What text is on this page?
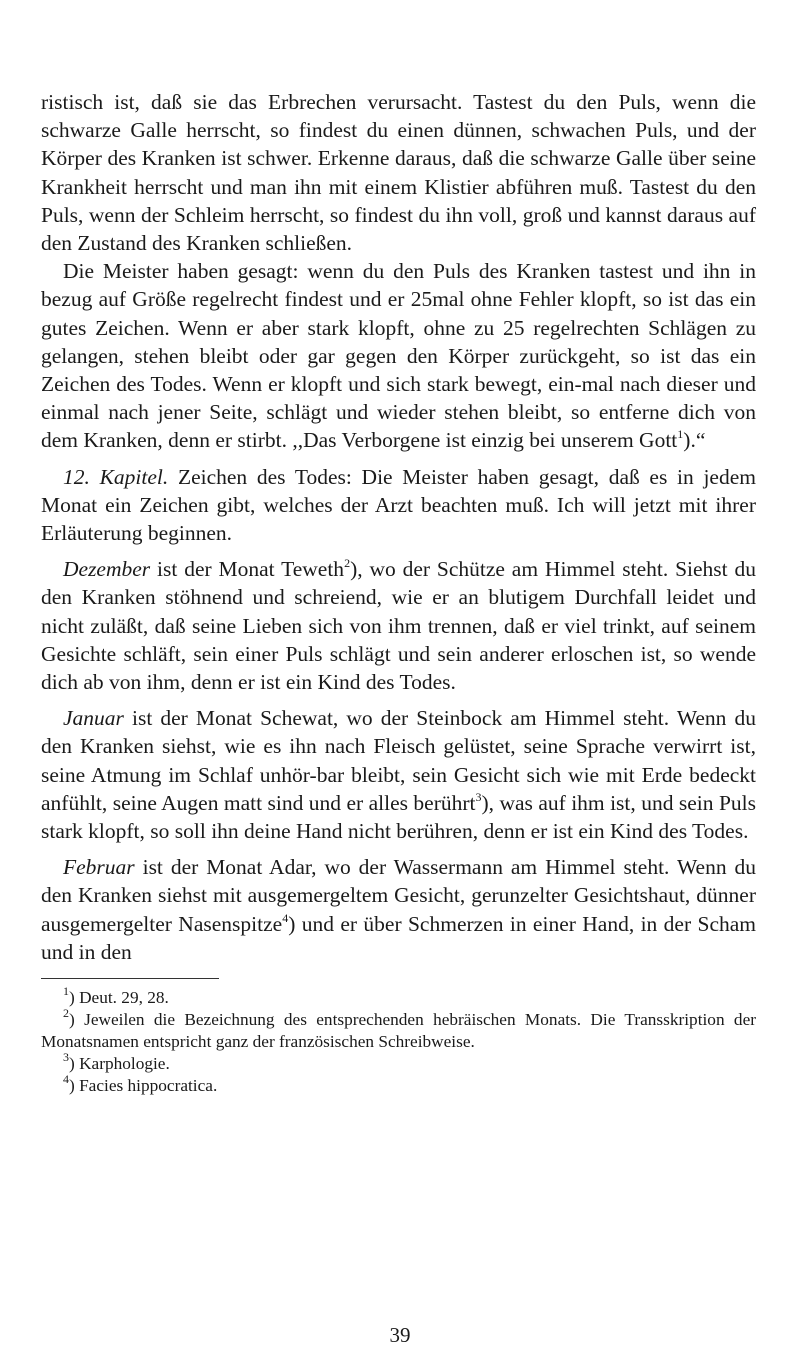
ristisch ist, daß sie das Erbrechen verursacht. Tastest du den Puls, wenn die schwarze Galle herrscht, so findest du einen dünnen, schwachen Puls, und der Körper des Kranken ist schwer. Erkenne daraus, daß die schwarze Galle über seine Krankheit herrscht und man ihn mit einem Klistier abführen muß. Tastest du den Puls, wenn der Schleim herrscht, so findest du ihn voll, groß und kannst daraus auf den Zustand des Kranken schließen.

Die Meister haben gesagt: wenn du den Puls des Kranken tastest und ihn in bezug auf Größe regelrecht findest und er 25mal ohne Fehler klopft, so ist das ein gutes Zeichen. Wenn er aber stark klopft, ohne zu 25 regelrechten Schlägen zu gelangen, stehen bleibt oder gar gegen den Körper zurückgeht, so ist das ein Zeichen des Todes. Wenn er klopft und sich stark bewegt, ein-mal nach dieser und einmal nach jener Seite, schlägt und wieder stehen bleibt, so entferne dich von dem Kranken, denn er stirbt. ,,Das Verborgene ist einzig bei unserem Gott$^1$).“

12. Kapitel. Zeichen des Todes: Die Meister haben gesagt, daß es in jedem Monat ein Zeichen gibt, welches der Arzt beachten muß. Ich will jetzt mit ihrer Erläuterung beginnen.

Dezember ist der Monat Teweth$^2$), wo der Schütze am Himmel steht. Siehst du den Kranken stöhnend und schreiend, wie er an blutigem Durchfall leidet und nicht zuläßt, daß seine Lieben sich von ihm trennen, daß er viel trinkt, auf seinem Gesichte schläft, sein einer Puls schlägt und sein anderer erloschen ist, so wende dich ab von ihm, denn er ist ein Kind des Todes.

Januar ist der Monat Schewat, wo der Steinbock am Himmel steht. Wenn du den Kranken siehst, wie es ihn nach Fleisch gelüstet, seine Sprache verwirrt ist, seine Atmung im Schlaf unhör-bar bleibt, sein Gesicht sich wie mit Erde bedeckt anfühlt, seine Augen matt sind und er alles berührt$^3$), was auf ihm ist, und sein Puls stark klopft, so soll ihn deine Hand nicht berühren, denn er ist ein Kind des Todes.

Februar ist der Monat Adar, wo der Wassermann am Himmel steht. Wenn du den Kranken siehst mit ausgemergeltem Gesicht, gerunzelter Gesichtshaut, dünner ausgemergelter Nasenspitze$^4$) und er über Schmerzen in einer Hand, in der Scham und in den

$^1$) Deut. 29, 28.

$^2$) Jeweilen die Bezeichnung des entsprechenden hebräischen Monats. Die Transskription der Monatsnamen entspricht ganz der französischen Schreibweise.

$^3$) Karphologie.

$^4$) Facies hippocratica.

39
